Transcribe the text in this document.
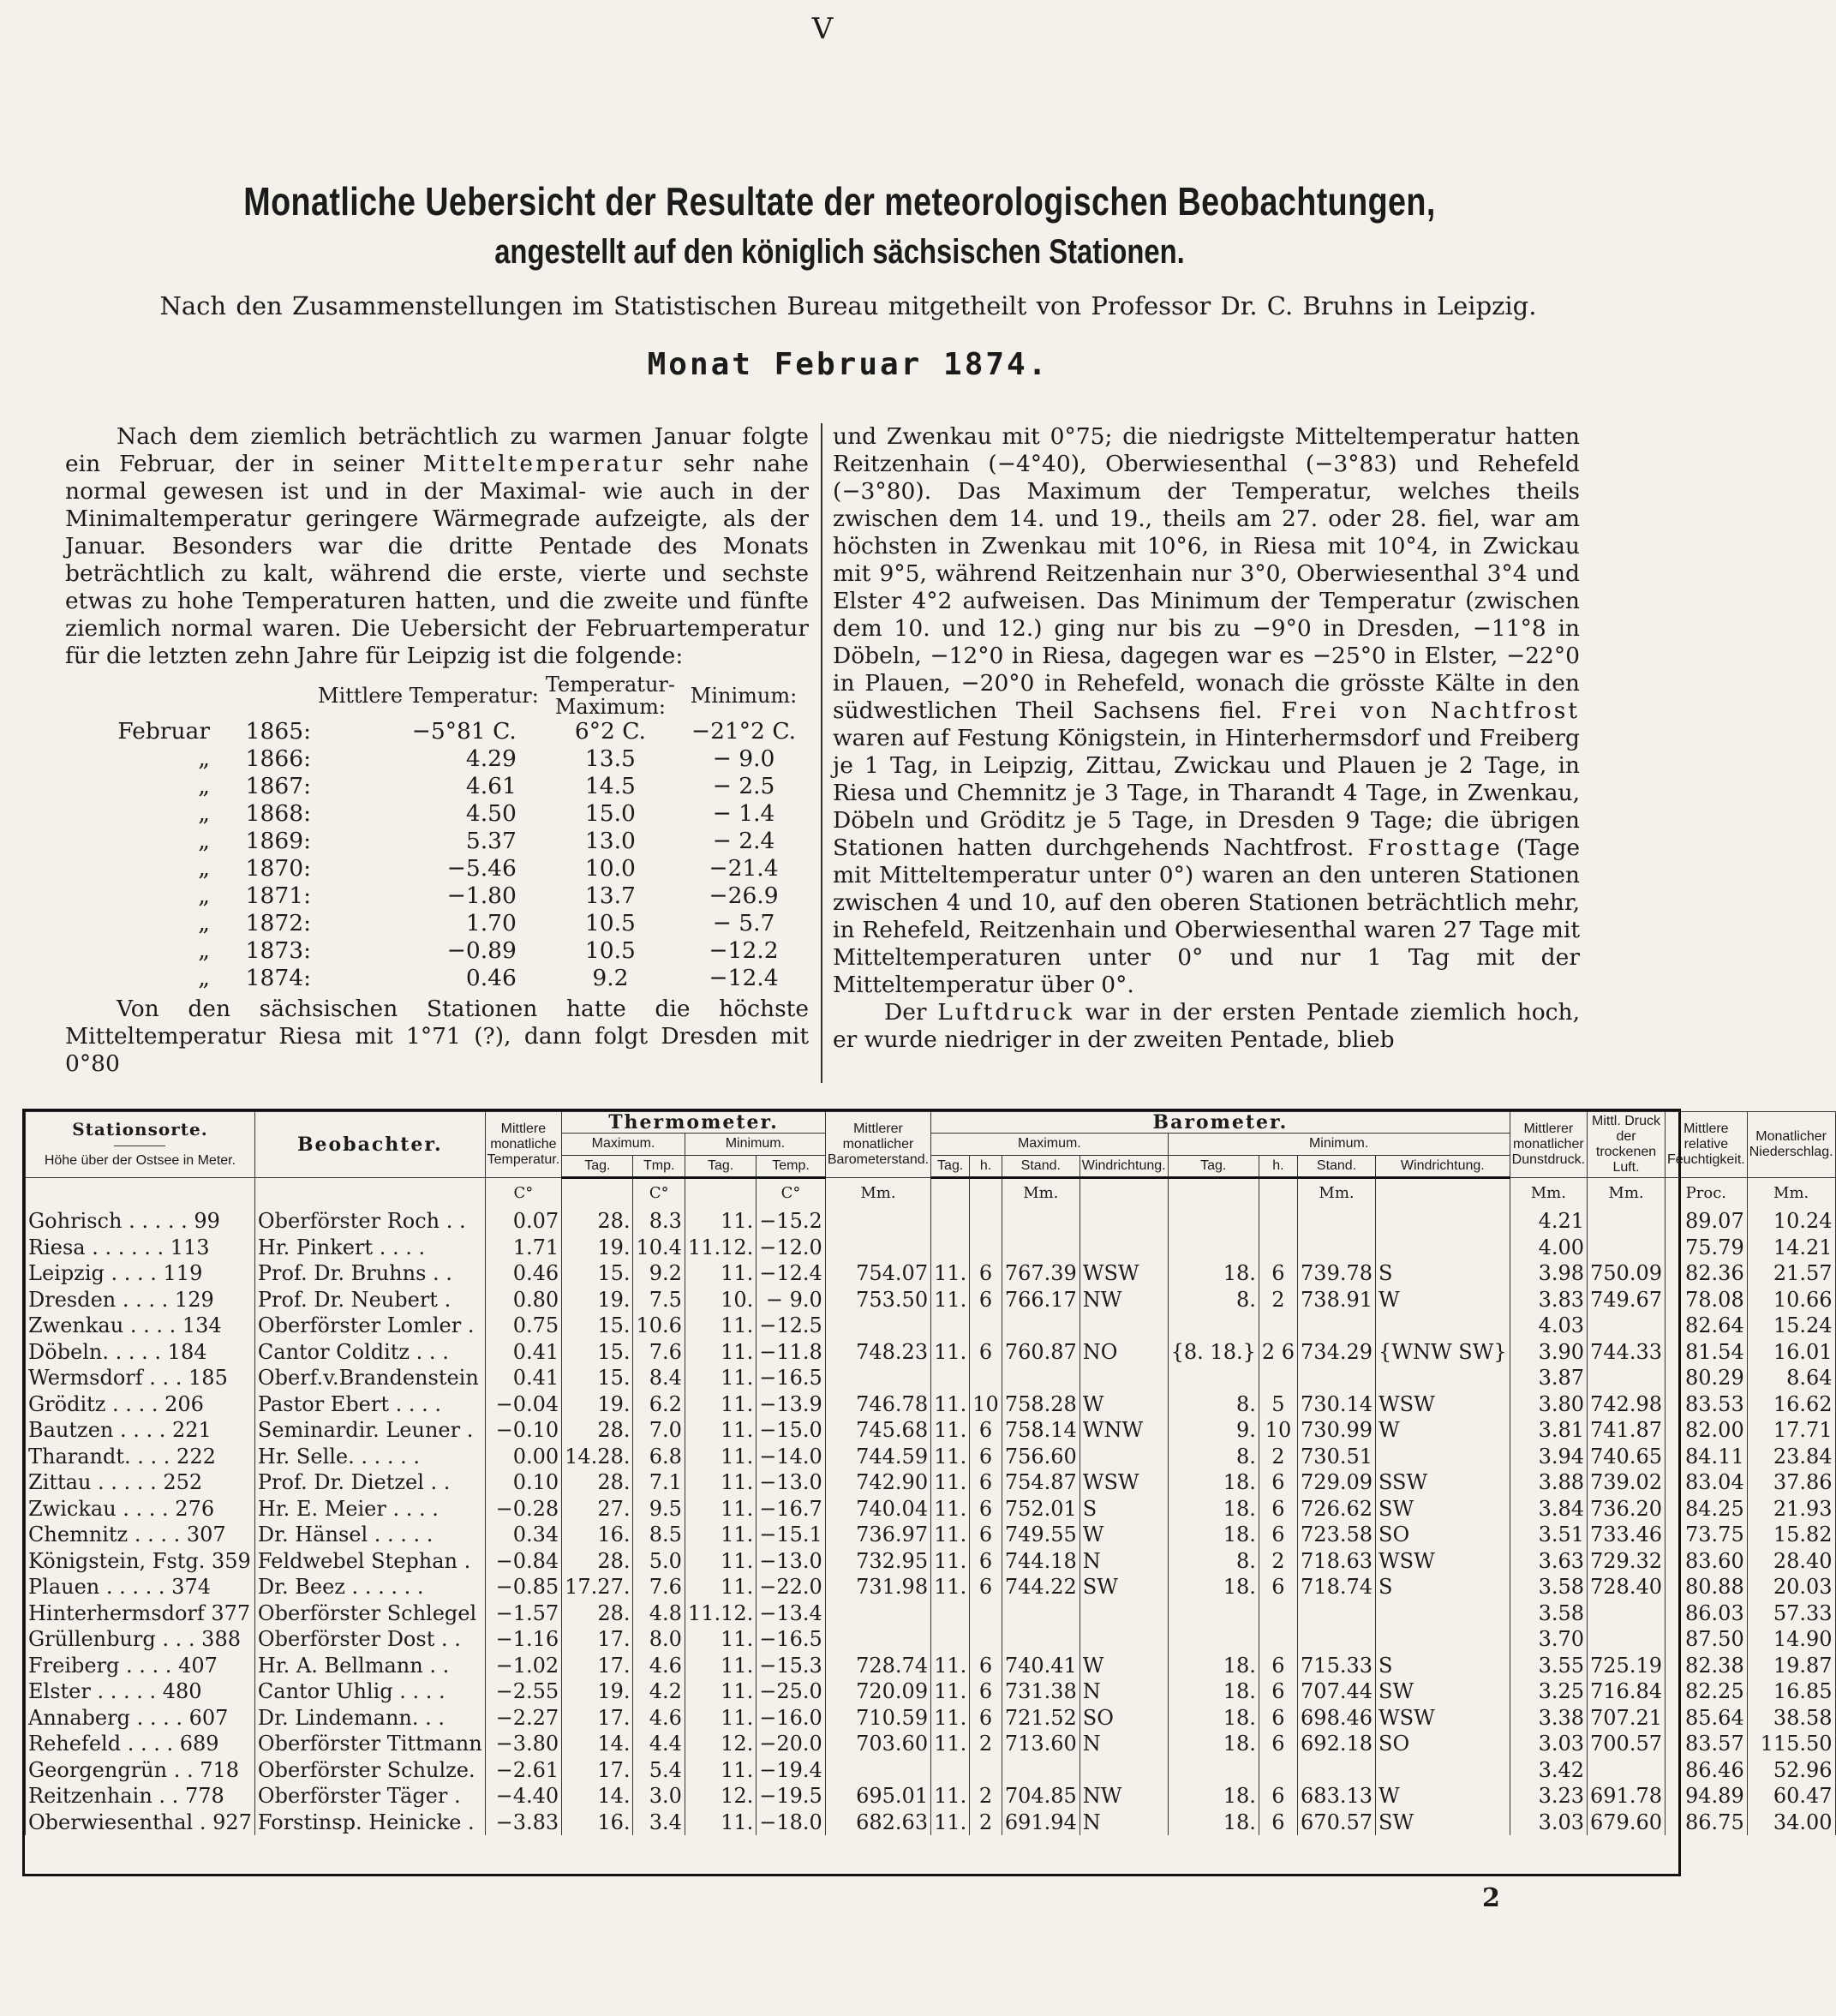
V
Monatliche Uebersicht der Resultate der meteorologischen Beobachtungen,
angestellt auf den königlich sächsischen Stationen.
Nach den Zusammenstellungen im Statistischen Bureau mitgetheilt von Professor Dr. C. Bruhns in Leipzig.
Monat Februar 1874.

Nach dem ziemlich beträchtlich zu warmen Januar folgte ein Februar, der in seiner Mitteltemperatur sehr nahe normal gewesen ist und in der Maximal- wie auch in der Minimaltemperatur geringere Wärmegrade aufzeigte, als der Januar. Besonders war die dritte Pentade des Monats beträchtlich zu kalt, während die erste, vierte und sechste etwas zu hohe Temperaturen hatten, und die zweite und fünfte ziemlich normal waren. Die Uebersicht der Februartemperatur für die letzten zehn Jahre für Leipzig ist die folgende:

		Mittlere Temperatur:	Temperatur-
Maximum:	Minimum:
Februar	1865:	−5°81 C.	6°2 C.	−21°2 C.
„	1866:	4.29	13.5	− 9.0
„	1867:	4.61	14.5	− 2.5
„	1868:	4.50	15.0	− 1.4
„	1869:	5.37	13.0	− 2.4
„	1870:	−5.46	10.0	−21.4
„	1871:	−1.80	13.7	−26.9
„	1872:	1.70	10.5	− 5.7
„	1873:	−0.89	10.5	−12.2
„	1874:	0.46	9.2	−12.4

Von den sächsischen Stationen hatte die höchste Mitteltemperatur Riesa mit 1°71 (?), dann folgt Dresden mit 0°80

und Zwenkau mit 0°75; die niedrigste Mitteltemperatur hatten Reitzenhain (−4°40), Oberwiesenthal (−3°83) und Rehefeld (−3°80). Das Maximum der Temperatur, welches theils zwischen dem 14. und 19., theils am 27. oder 28. fiel, war am höchsten in Zwenkau mit 10°6, in Riesa mit 10°4, in Zwickau mit 9°5, während Reitzenhain nur 3°0, Oberwiesenthal 3°4 und Elster 4°2 aufweisen. Das Minimum der Temperatur (zwischen dem 10. und 12.) ging nur bis zu −9°0 in Dresden, −11°8 in Döbeln, −12°0 in Riesa, dagegen war es −25°0 in Elster, −22°0 in Plauen, −20°0 in Rehefeld, wonach die grösste Kälte in den südwestlichen Theil Sachsens fiel. Frei von Nachtfrost waren auf Festung Königstein, in Hinterhermsdorf und Freiberg je 1 Tag, in Leipzig, Zittau, Zwickau und Plauen je 2 Tage, in Riesa und Chemnitz je 3 Tage, in Tharandt 4 Tage, in Zwenkau, Döbeln und Gröditz je 5 Tage, in Dresden 9 Tage; die übrigen Stationen hatten durchgehends Nachtfrost. Frosttage (Tage mit Mitteltemperatur unter 0°) waren an den unteren Stationen zwischen 4 und 10, auf den oberen Stationen beträchtlich mehr, in Rehefeld, Reitzenhain und Oberwiesenthal waren 27 Tage mit Mitteltemperaturen unter 0° und nur 1 Tag mit der Mitteltemperatur über 0°.

Der Luftdruck war in der ersten Pentade ziemlich hoch, er wurde niedriger in der zweiten Pentade, blieb

Stationsorte.
Höhe über der Ostsee in Meter.	Beobachter.	Mittlere monatliche Temperatur.	Thermometer.				Mittlerer monatlicher Barometerstand.	Barometer.								Mittlerer monatlicher Dunstdruck.	Mittl. Druck der trockenen Luft.	Mittlere relative Feuchtigkeit.	Monatlicher Niederschlag.
			Maximum.		Minimum.			Maximum.				Minimum.							
			Tag.	Tmp.	Tag.	Temp.		Tag.	h.	Stand.	Windrichtung.	Tag.	h.	Stand.	Windrichtung.				
		C°		C°		C°	Mm.			Mm.				Mm.		Mm.	Mm.	Proc.	Mm.
Gohrisch . . . . . 99	Oberförster Roch . .	0.07	28.	8.3	11.	−15.2										4.21		89.07	10.24
Riesa . . . . . . 113	Hr. Pinkert . . . .	1.71	19.	10.4	11.12.	−12.0										4.00		75.79	14.21
Leipzig . . . . 119	Prof. Dr. Bruhns . .	0.46	15.	9.2	11.	−12.4	754.07	11.	6	767.39	WSW	18.	6	739.78	S	3.98	750.09	82.36	21.57
Dresden . . . . 129	Prof. Dr. Neubert .	0.80	19.	7.5	10.	− 9.0	753.50	11.	6	766.17	NW	8.	2	738.91	W	3.83	749.67	78.08	10.66
Zwenkau . . . . 134	Oberförster Lomler .	0.75	15.	10.6	11.	−12.5										4.03		82.64	15.24
Döbeln. . . . . 184	Cantor Colditz . . .	0.41	15.	7.6	11.	−11.8	748.23	11.	6	760.87	NO	{8. 18.}	2 6	734.29	{WNW SW}	3.90	744.33	81.54	16.01
Wermsdorf . . . 185	Oberf.v.Brandenstein	0.41	15.	8.4	11.	−16.5										3.87		80.29	8.64
Gröditz . . . . 206	Pastor Ebert . . . .	−0.04	19.	6.2	11.	−13.9	746.78	11.	10	758.28	W	8.	5	730.14	WSW	3.80	742.98	83.53	16.62
Bautzen . . . . 221	Seminardir. Leuner .	−0.10	28.	7.0	11.	−15.0	745.68	11.	6	758.14	WNW	9.	10	730.99	W	3.81	741.87	82.00	17.71
Tharandt. . . . 222	Hr. Selle. . . . . .	0.00	14.28.	6.8	11.	−14.0	744.59	11.	6	756.60		8.	2	730.51		3.94	740.65	84.11	23.84
Zittau . . . . . 252	Prof. Dr. Dietzel . .	0.10	28.	7.1	11.	−13.0	742.90	11.	6	754.87	WSW	18.	6	729.09	SSW	3.88	739.02	83.04	37.86
Zwickau . . . . 276	Hr. E. Meier . . . .	−0.28	27.	9.5	11.	−16.7	740.04	11.	6	752.01	S	18.	6	726.62	SW	3.84	736.20	84.25	21.93
Chemnitz . . . . 307	Dr. Hänsel . . . . .	0.34	16.	8.5	11.	−15.1	736.97	11.	6	749.55	W	18.	6	723.58	SO	3.51	733.46	73.75	15.82
Königstein, Fstg. 359	Feldwebel Stephan .	−0.84	28.	5.0	11.	−13.0	732.95	11.	6	744.18	N	8.	2	718.63	WSW	3.63	729.32	83.60	28.40
Plauen . . . . . 374	Dr. Beez . . . . . .	−0.85	17.27.	7.6	11.	−22.0	731.98	11.	6	744.22	SW	18.	6	718.74	S	3.58	728.40	80.88	20.03
Hinterhermsdorf 377	Oberförster Schlegel	−1.57	28.	4.8	11.12.	−13.4										3.58		86.03	57.33
Grüllenburg . . . 388	Oberförster Dost . .	−1.16	17.	8.0	11.	−16.5										3.70		87.50	14.90
Freiberg . . . . 407	Hr. A. Bellmann . .	−1.02	17.	4.6	11.	−15.3	728.74	11.	6	740.41	W	18.	6	715.33	S	3.55	725.19	82.38	19.87
Elster . . . . . 480	Cantor Uhlig . . . .	−2.55	19.	4.2	11.	−25.0	720.09	11.	6	731.38	N	18.	6	707.44	SW	3.25	716.84	82.25	16.85
Annaberg . . . . 607	Dr. Lindemann. . .	−2.27	17.	4.6	11.	−16.0	710.59	11.	6	721.52	SO	18.	6	698.46	WSW	3.38	707.21	85.64	38.58
Rehefeld . . . . 689	Oberförster Tittmann	−3.80	14.	4.4	12.	−20.0	703.60	11.	2	713.60	N	18.	6	692.18	SO	3.03	700.57	83.57	115.50
Georgengrün . . 718	Oberförster Schulze.	−2.61	17.	5.4	11.	−19.4										3.42		86.46	52.96
Reitzenhain . . 778	Oberförster Täger .	−4.40	14.	3.0	12.	−19.5	695.01	11.	2	704.85	NW	18.	6	683.13	W	3.23	691.78	94.89	60.47
Oberwiesenthal . 927	Forstinsp. Heinicke .	−3.83	16.	3.4	11.	−18.0	682.63	11.	2	691.94	N	18.	6	670.57	SW	3.03	679.60	86.75	34.00
2
